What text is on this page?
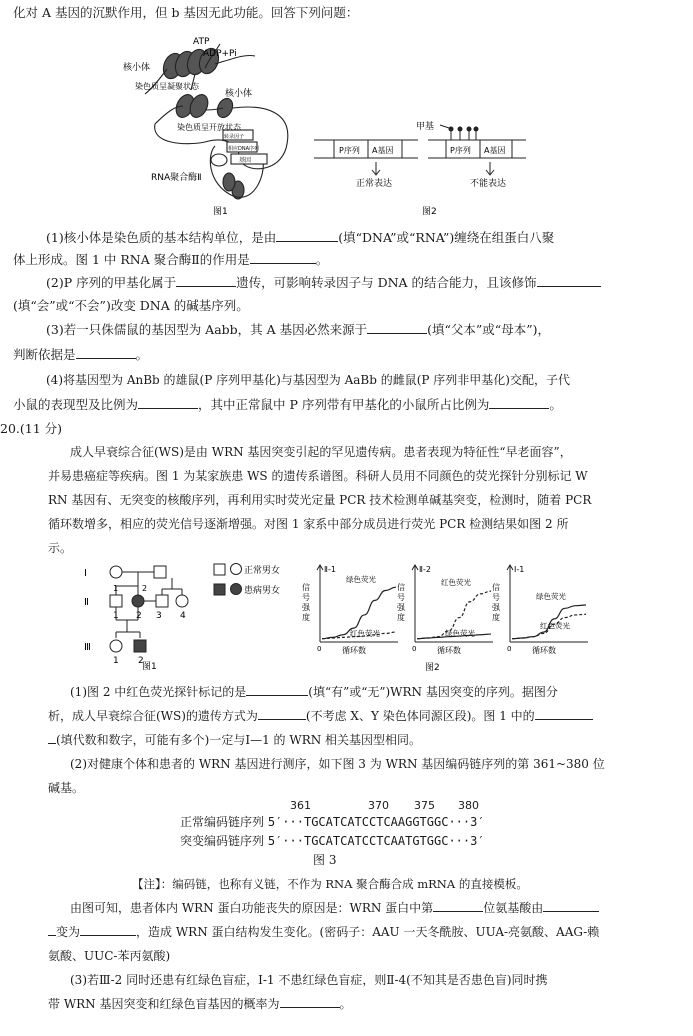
化对 A 基因的沉默作用，但 b 基因无此功能。回答下列问题：
ATP
ADP+Pi
核小体
染色质呈凝聚状态
核小体
染色质呈开放状态
转录因子
相应DNA序列
基因
RNA聚合酶Ⅱ
图1
甲基
P序列 A基因	P序列 A基因
正常表达	不能表达
图2
(1)核小体是染色质的基本结构单位，是由	(填“DNA”或“RNA”)缠绕在组蛋白八聚
体上形成。图 1 中 RNA 聚合酶Ⅱ的作用是	。
(2)P 序列的甲基化属于	遗传，可影响转录因子与 DNA 的结合能力，且该修饰
(填“会”或“不会”)改变 DNA 的碱基序列。
(3)若一只侏儒鼠的基因型为 Aabb，其 A 基因必然来源于	(填“父本”或“母本”)，
判断依据是	。
(4)将基因型为 AnBb 的雄鼠(P 序列甲基化)与基因型为 AaBb 的雌鼠(P 序列非甲基化)交配，子代
小鼠的表现型及比例为	，其中正常鼠中 P 序列带有甲基化的小鼠所占比例为	。
20.(11 分)
成人早衰综合征(WS)是由 WRN 基因突变引起的罕见遗传病。患者表现为特征性“早老面容”，
并易患癌症等疾病。图 1 为某家族患 WS 的遗传系谱图。科研人员用不同颜色的荧光探针分别标记 W
RN 基因有、无突变的核酸序列，再利用实时荧光定量 PCR 技术检测单碱基突变，检测时，随着 PCR
循环数增多，相应的荧光信号逐渐增强。对图 1 家系中部分成员进行荧光 PCR 检测结果如图 2 所
示。
Ⅰ
Ⅱ
Ⅲ
1	2
3 4
1 2
1 2
正常男女
患病男女
图1
Ⅱ-1
0	循环数
信
号
强
度
绿色荧光
红色荧光
Ⅱ-2
0	循环数
信
号
强
度
红色荧光
绿色荧光
Ⅰ-1
0	循环数
信
号
强
度
绿色荧光
红色荧光
图2
(1)图 2 中红色荧光探针标记的是	(填“有”或“无”)WRN 基因突变的序列。据图分
析，成人早衰综合征(WS)的遗传方式为	(不考虑 X、Y 染色体同源区段)。图 1 中的
(填代数和数字，可能有多个)一定与Ⅰ—1 的 WRN 相关基因型相同。
(2)对健康个体和患者的 WRN 基因进行测序，如下图 3 为 WRN 基因编码链序列的第 361~380 位
碱基。
361	370 375 380
正常编码链序列 5′···TGCATCATCCTCAAGGTGGC···3′
突变编码链序列 5′···TGCATCATCCTCAATGTGGC···3′
图 3
【注】：编码链，也称有义链，不作为 RNA 聚合酶合成 mRNA 的直接模板。
由图可知，患者体内 WRN 蛋白功能丧失的原因是：WRN 蛋白中第	位氨基酸由
变为	，造成 WRN 蛋白结构发生变化。(密码子：AAU 一天冬酰胺、UUA-亮氨酸、AAG-赖
氨酸、UUC-苯丙氨酸)
(3)若Ⅲ-2 同时还患有红绿色盲症，Ⅰ-1 不患红绿色盲症，则Ⅱ-4(不知其是否患色盲)同时携
带 WRN 基因突变和红绿色盲基因的概率为	。
